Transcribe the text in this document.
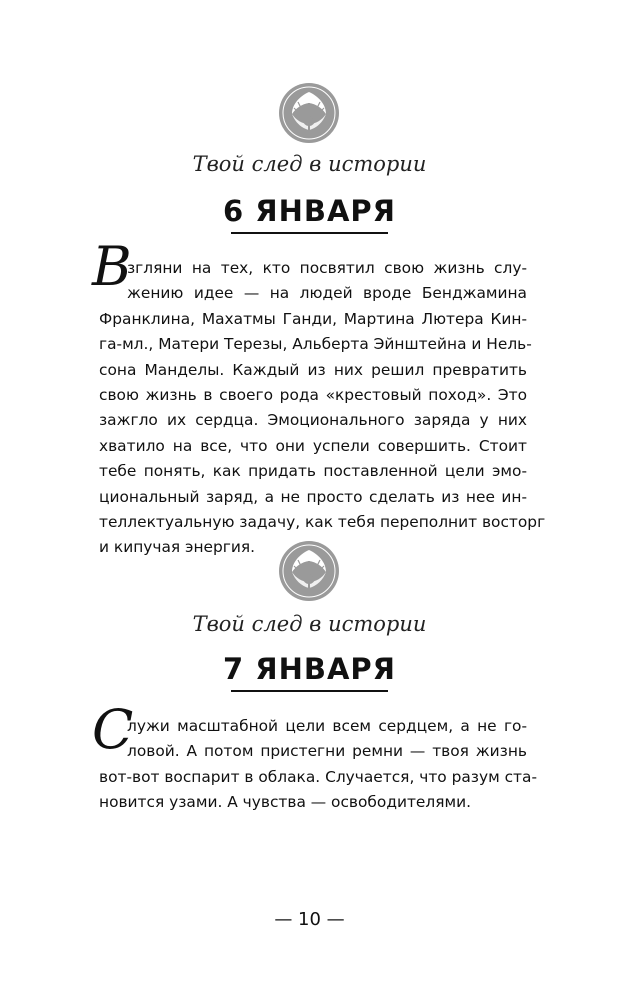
Твой след в истории
6 ЯНВАРЯ
В
згляни на тех, кто посвятил свою жизнь слу-
жению идее — на людей вроде Бенджамина
Франклина, Махатмы Ганди, Мартина Лютера Кин-
га-мл., Матери Терезы, Альберта Эйнштейна и Нель-
сона Манделы. Каждый из них решил превратить
свою жизнь в своего рода «крестовый поход». Это
зажгло их сердца. Эмоционального заряда у них
хватило на все, что они успели совершить. Стоит
тебе понять, как придать поставленной цели эмо-
циональный заряд, а не просто сделать из нее ин-
теллектуальную задачу, как тебя переполнит восторг
и кипучая энергия.
Твой след в истории
7 ЯНВАРЯ
С
лужи масштабной цели всем сердцем, а не го-
ловой. А потом пристегни ремни — твоя жизнь
вот-вот воспарит в облака. Случается, что разум ста-
новится узами. А чувства — освободителями.
— 10 —
